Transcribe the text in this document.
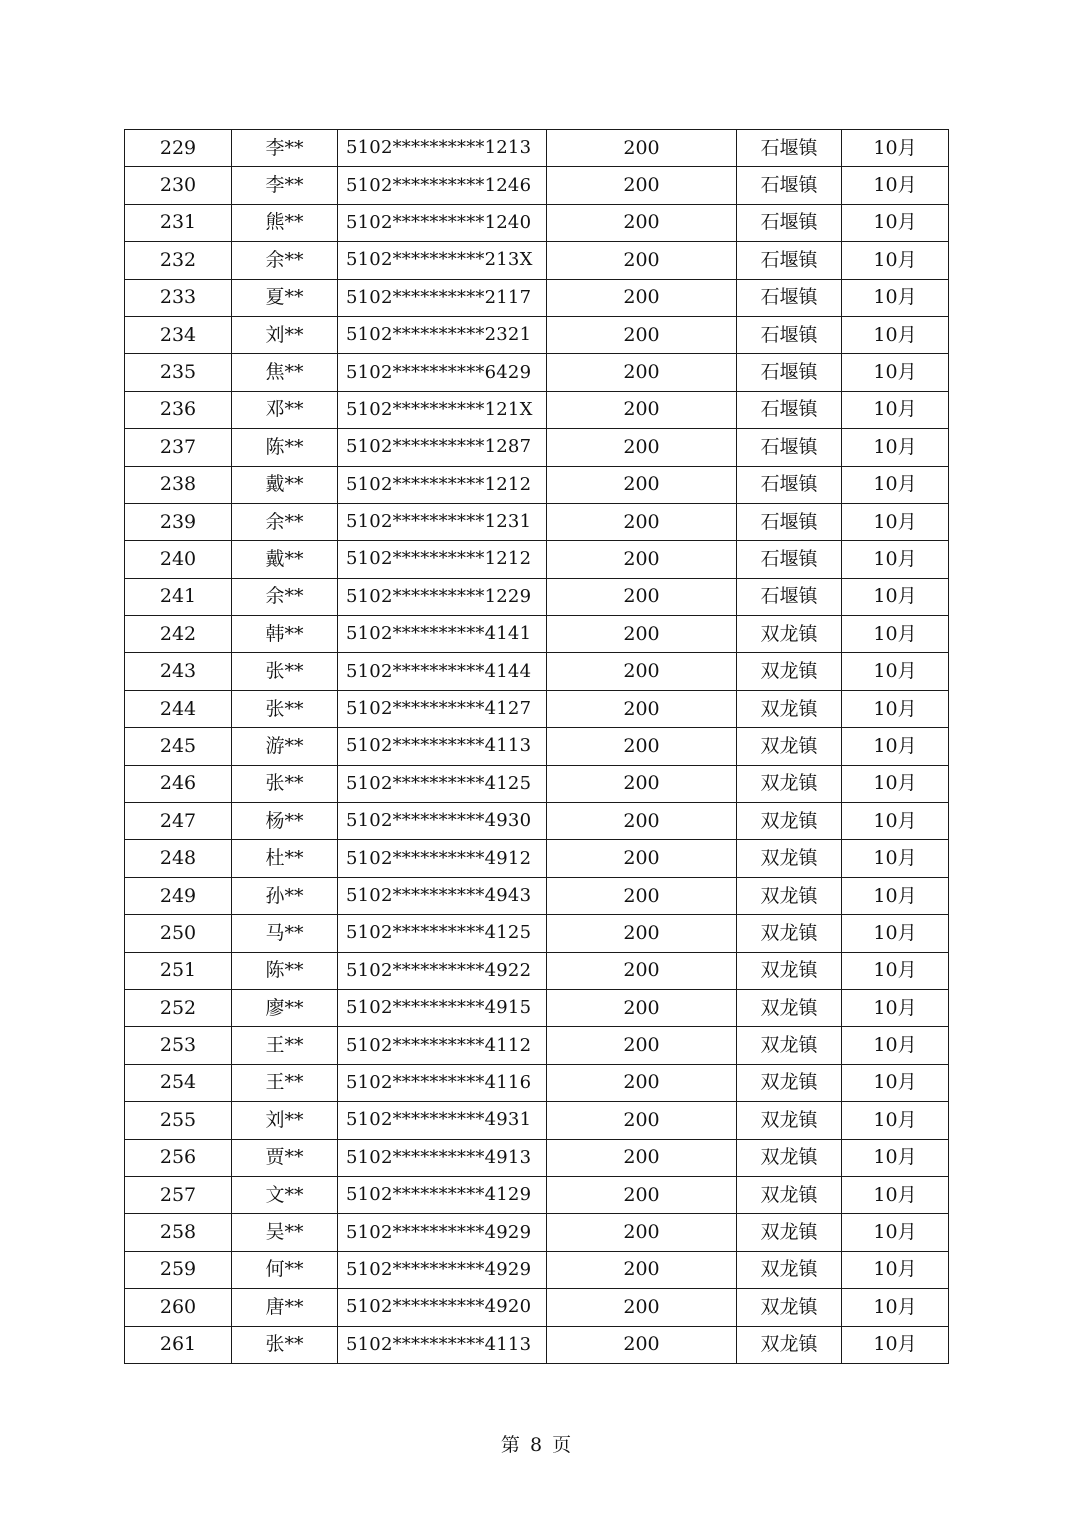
229	李**	5102**********1213	200	石堰镇	10月
230	李**	5102**********1246	200	石堰镇	10月
231	熊**	5102**********1240	200	石堰镇	10月
232	余**	5102**********213X	200	石堰镇	10月
233	夏**	5102**********2117	200	石堰镇	10月
234	刘**	5102**********2321	200	石堰镇	10月
235	焦**	5102**********6429	200	石堰镇	10月
236	邓**	5102**********121X	200	石堰镇	10月
237	陈**	5102**********1287	200	石堰镇	10月
238	戴**	5102**********1212	200	石堰镇	10月
239	余**	5102**********1231	200	石堰镇	10月
240	戴**	5102**********1212	200	石堰镇	10月
241	余**	5102**********1229	200	石堰镇	10月
242	韩**	5102**********4141	200	双龙镇	10月
243	张**	5102**********4144	200	双龙镇	10月
244	张**	5102**********4127	200	双龙镇	10月
245	游**	5102**********4113	200	双龙镇	10月
246	张**	5102**********4125	200	双龙镇	10月
247	杨**	5102**********4930	200	双龙镇	10月
248	杜**	5102**********4912	200	双龙镇	10月
249	孙**	5102**********4943	200	双龙镇	10月
250	马**	5102**********4125	200	双龙镇	10月
251	陈**	5102**********4922	200	双龙镇	10月
252	廖**	5102**********4915	200	双龙镇	10月
253	王**	5102**********4112	200	双龙镇	10月
254	王**	5102**********4116	200	双龙镇	10月
255	刘**	5102**********4931	200	双龙镇	10月
256	贾**	5102**********4913	200	双龙镇	10月
257	文**	5102**********4129	200	双龙镇	10月
258	吴**	5102**********4929	200	双龙镇	10月
259	何**	5102**********4929	200	双龙镇	10月
260	唐**	5102**********4920	200	双龙镇	10月
261	张**	5102**********4113	200	双龙镇	10月
第 8 页
